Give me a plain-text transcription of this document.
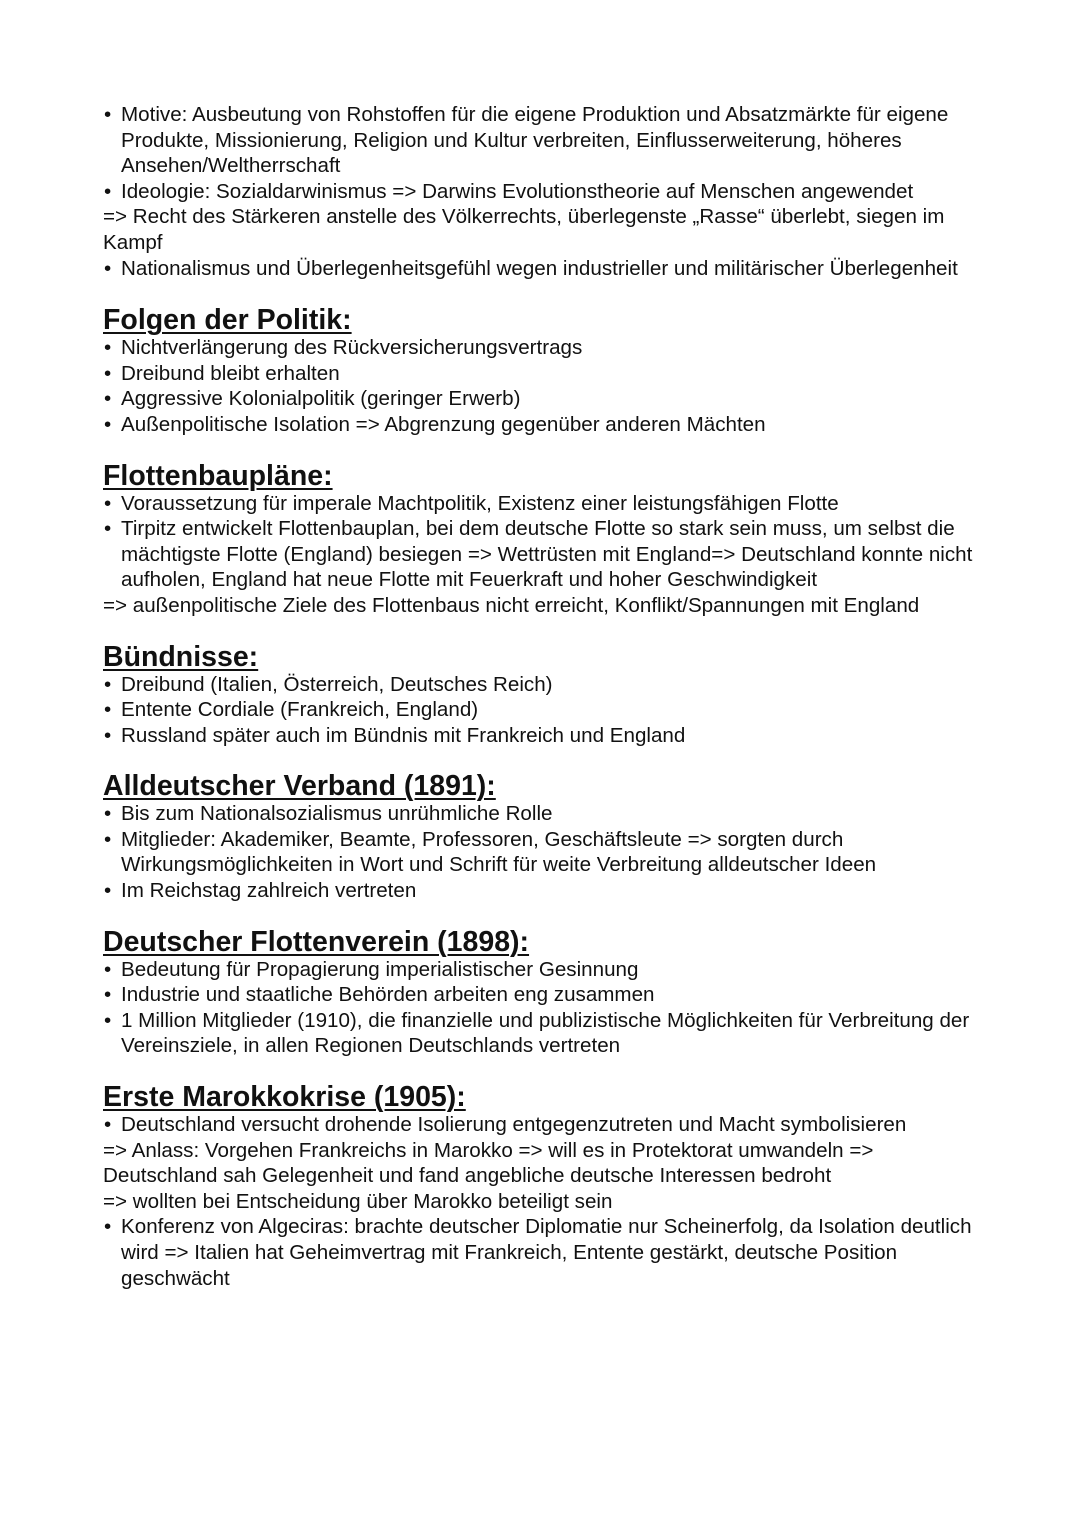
• Motive: Ausbeutung von Rohstoffen für die eigene Produktion und Absatzmärkte für eigene Produkte, Missionierung, Religion und Kultur verbreiten, Einflusserweiterung, höheres Ansehen/Weltherrschaft

• Ideologie: Sozialdarwinismus => Darwins Evolutionstheorie auf Menschen angewendet

=> Recht des Stärkeren anstelle des Völkerrechts, überlegenste „Rasse“ überlebt, siegen im Kampf

• Nationalismus und Überlegenheitsgefühl wegen industrieller und militärischer Überlegenheit

Folgen der Politik:

• Nichtverlängerung des Rückversicherungsvertrags

• Dreibund bleibt erhalten

• Aggressive Kolonialpolitik (geringer Erwerb)

• Außenpolitische Isolation => Abgrenzung gegenüber anderen Mächten

Flottenbaupläne:

• Voraussetzung für imperale Machtpolitik, Existenz einer leistungsfähigen Flotte

• Tirpitz entwickelt Flottenbauplan, bei dem deutsche Flotte so stark sein muss, um selbst die mächtigste Flotte (England) besiegen => Wettrüsten mit England=> Deutschland konnte nicht aufholen, England hat neue Flotte mit Feuerkraft und hoher Geschwindigkeit

=> außenpolitische Ziele des Flottenbaus nicht erreicht, Konflikt/Spannungen mit England

Bündnisse:

• Dreibund (Italien, Österreich, Deutsches Reich)

• Entente Cordiale (Frankreich, England)

• Russland später auch im Bündnis mit Frankreich und England

Alldeutscher Verband (1891):

• Bis zum Nationalsozialismus unrühmliche Rolle

• Mitglieder: Akademiker, Beamte, Professoren, Geschäftsleute => sorgten durch Wirkungsmöglichkeiten in Wort und Schrift für weite Verbreitung alldeutscher Ideen

• Im Reichstag zahlreich vertreten

Deutscher Flottenverein (1898):

• Bedeutung für Propagierung imperialistischer Gesinnung

• Industrie und staatliche Behörden arbeiten eng zusammen

• 1 Million Mitglieder (1910), die finanzielle und publizistische Möglichkeiten für Verbreitung der Vereinsziele, in allen Regionen Deutschlands vertreten

Erste Marokkokrise (1905):

• Deutschland versucht drohende Isolierung entgegenzutreten und Macht symbolisieren

=> Anlass: Vorgehen Frankreichs in Marokko => will es in Protektorat umwandeln => Deutschland sah Gelegenheit und fand angebliche deutsche Interessen bedroht

=> wollten bei Entscheidung über Marokko beteiligt sein

• Konferenz von Algeciras: brachte deutscher Diplomatie nur Scheinerfolg, da Isolation deutlich wird => Italien hat Geheimvertrag mit Frankreich, Entente gestärkt, deutsche Position geschwächt
